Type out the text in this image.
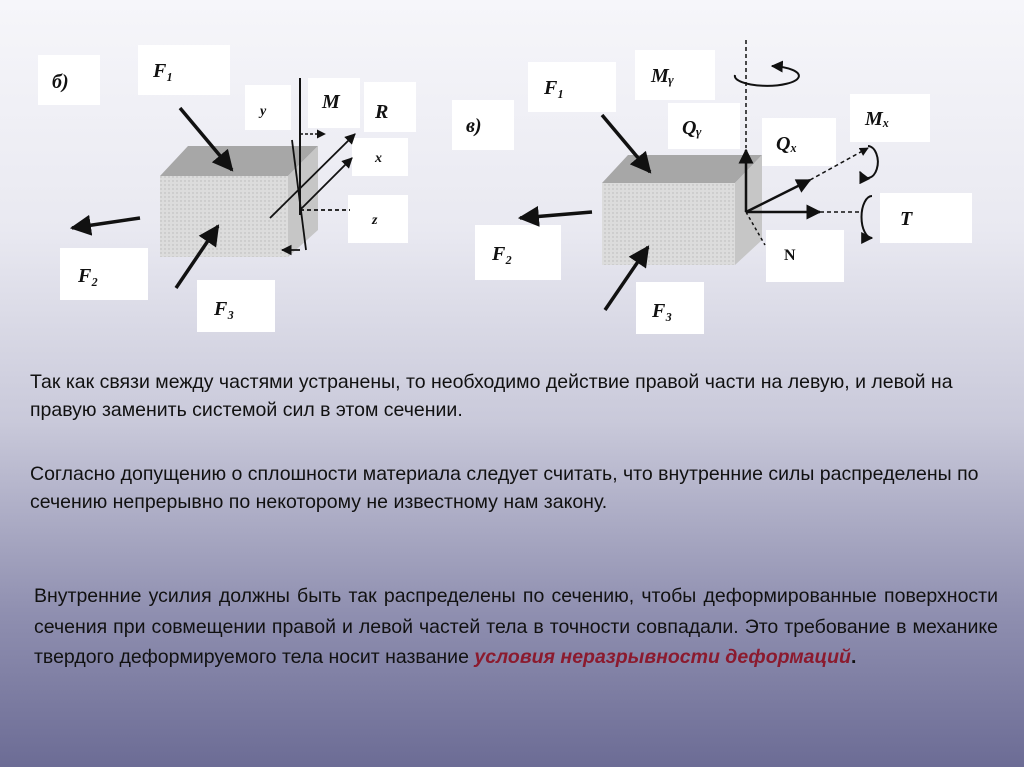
б)	F₁
y	M R
x
z
F₂
F₃
в)
F₁
Mᵧ
Qᵧ
Qₓ
Mₓ
T
N
F₂
F₃

Так как связи между частями устранены, то необходимо действие правой части на левую, и левой на правую заменить системой сил в этом сечении.

Согласно допущению о сплошности материала следует считать, что внутренние силы распределены по сечению непрерывно по некоторому не известному нам закону.

Внутренние усилия должны быть так распределены по сечению, чтобы деформированные поверхности сечения при совмещении правой и левой частей тела в точности совпадали. Это требование в механике твердого деформируемого тела носит название условия неразрывности деформаций.
